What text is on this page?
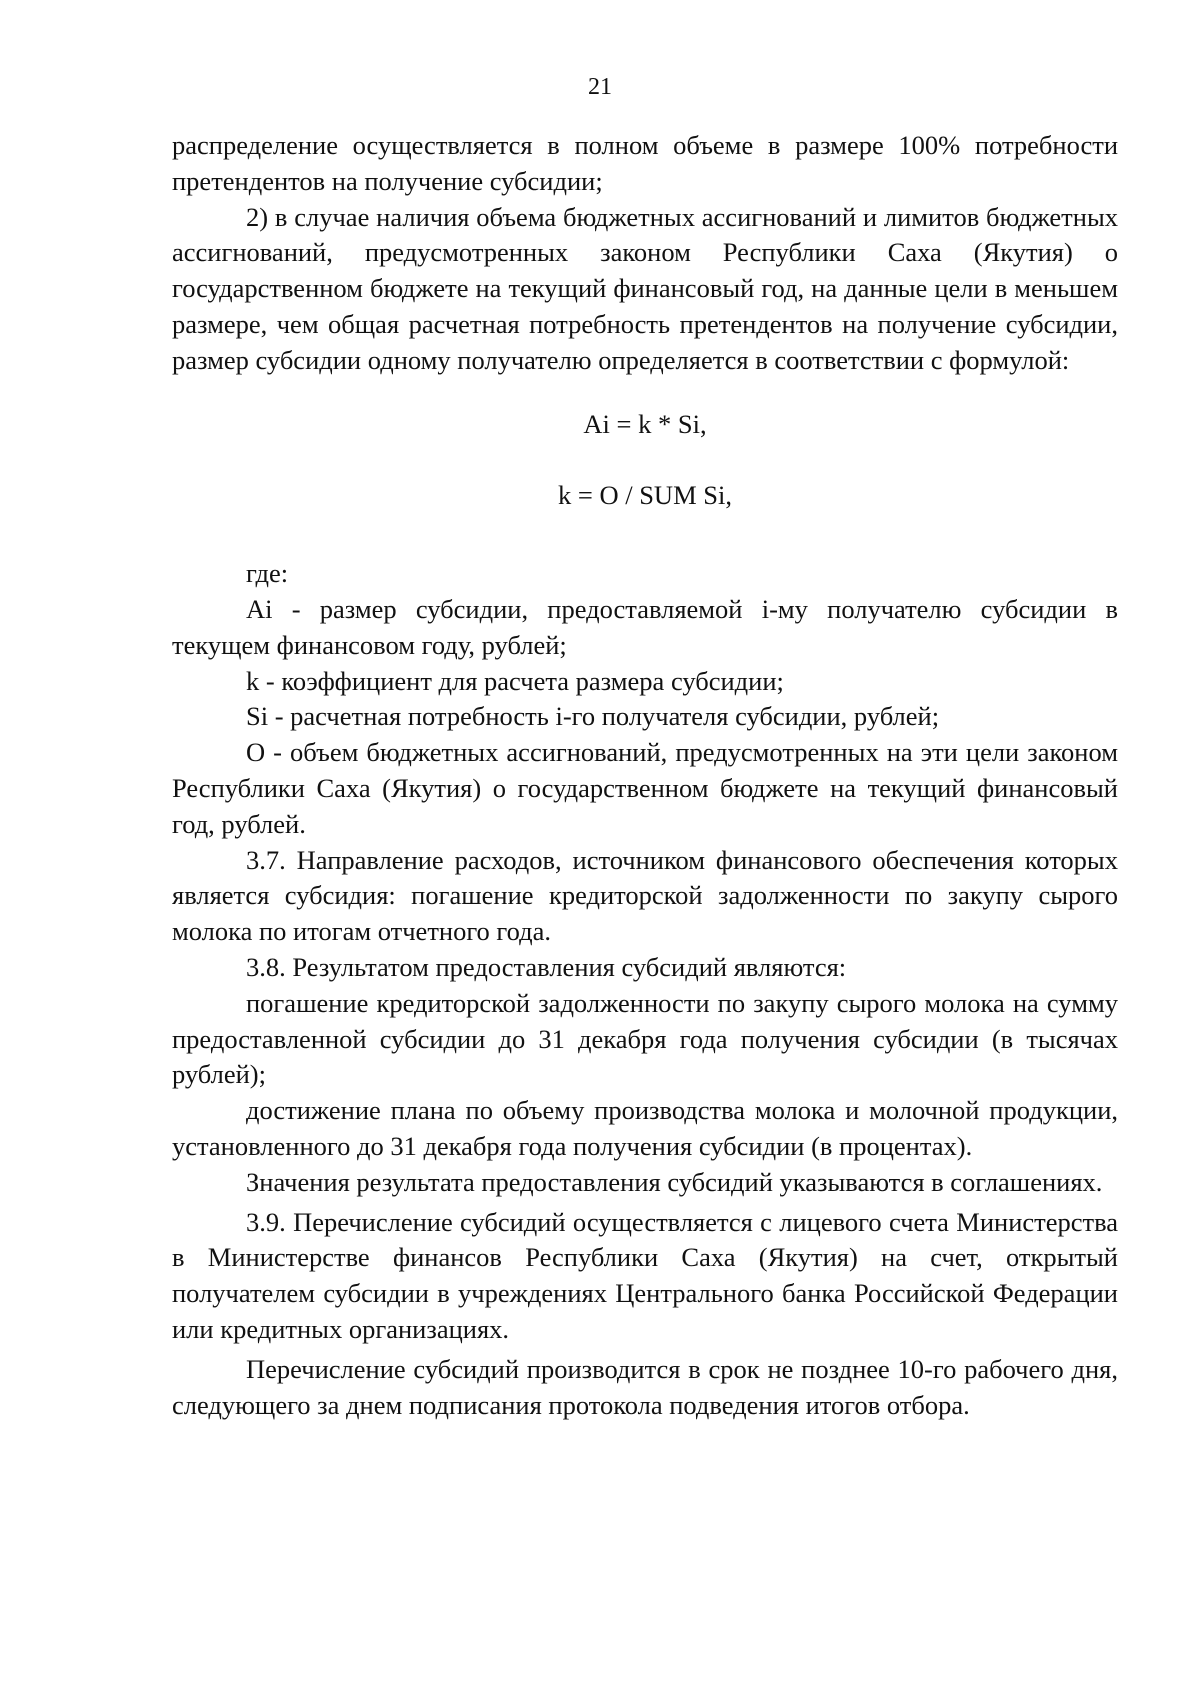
21

распределение осуществляется в полном объеме в размере 100% потребности претендентов на получение субсидии;

2) в случае наличия объема бюджетных ассигнований и лимитов бюджетных ассигнований, предусмотренных законом Республики Саха (Якутия) о государственном бюджете на текущий финансовый год, на данные цели в меньшем размере, чем общая расчетная потребность претендентов на получение субсидии, размер субсидии одному получателю определяется в соответствии с формулой:

Ai = k * Si,

k = O / SUM Si,

где:

Ai - размер субсидии, предоставляемой i-му получателю субсидии в текущем финансовом году, рублей;

k - коэффициент для расчета размера субсидии;

Si - расчетная потребность i-го получателя субсидии, рублей;

O - объем бюджетных ассигнований, предусмотренных на эти цели законом Республики Саха (Якутия) о государственном бюджете на текущий финансовый год, рублей.

3.7. Направление расходов, источником финансового обеспечения которых является субсидия: погашение кредиторской задолженности по закупу сырого молока по итогам отчетного года.

3.8. Результатом предоставления субсидий являются:

погашение кредиторской задолженности по закупу сырого молока на сумму предоставленной субсидии до 31 декабря года получения субсидии (в тысячах рублей);

достижение плана по объему производства молока и молочной продукции, установленного до 31 декабря года получения субсидии (в процентах).

Значения результата предоставления субсидий указываются в соглашениях.

3.9. Перечисление субсидий осуществляется с лицевого счета Министерства в Министерстве финансов Республики Саха (Якутия) на счет, открытый получателем субсидии в учреждениях Центрального банка Российской Федерации или кредитных организациях.

Перечисление субсидий производится в срок не позднее 10-го рабочего дня, следующего за днем подписания протокола подведения итогов отбора.
